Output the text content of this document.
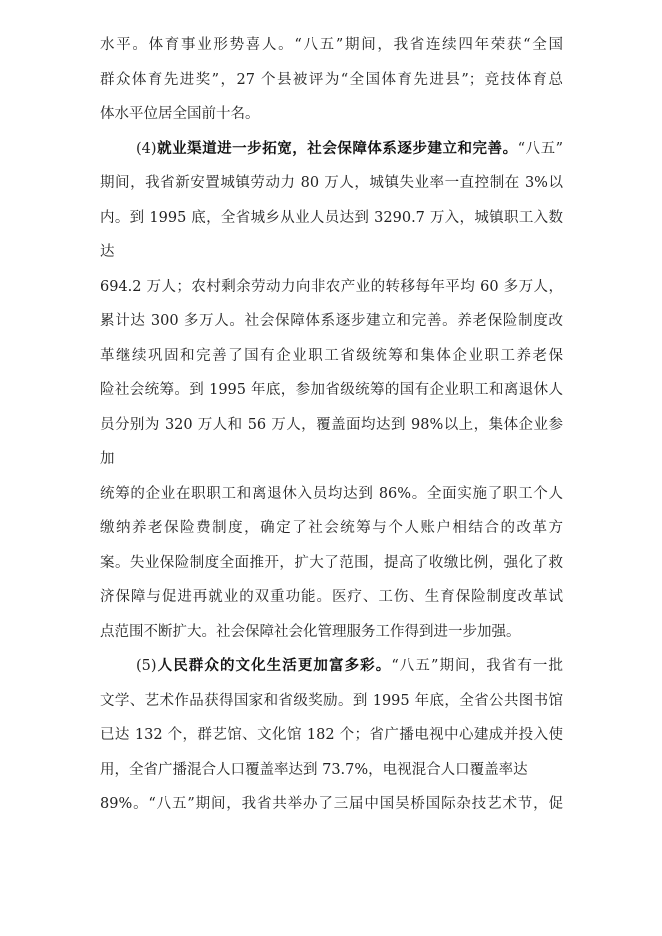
水平。体育事业形势喜人。“八五”期间，我省连续四年荣获“全国
群众体育先进奖”，27 个县被评为“全国体育先进县”；竞技体育总
体水平位居全国前十名。
(4)就业渠道进一步拓宽，社会保障体系逐步建立和完善。“八五”
期间，我省新安置城镇劳动力 80 万人，城镇失业率一直控制在 3%以
内。到 1995 底，全省城乡从业人员达到 3290.7 万入，城镇职工入数达
694.2 万人；农村剩余劳动力向非农产业的转移每年平均 60 多万人，
累计达 300 多万人。社会保障体系逐步建立和完善。养老保险制度改
革继续巩固和完善了国有企业职工省级统筹和集体企业职工养老保
险社会统筹。到 1995 年底，参加省级统筹的国有企业职工和离退休人
员分别为 320 万人和 56 万人，覆盖面均达到 98%以上，集体企业参加
统筹的企业在职职工和离退休入员均达到 86%。全面实施了职工个人
缴纳养老保险费制度，确定了社会统筹与个人账户相结合的改革方
案。失业保险制度全面推开，扩大了范围，提高了收缴比例，强化了救
济保障与促进再就业的双重功能。医疗、工伤、生育保险制度改革试
点范围不断扩大。社会保障社会化管理服务工作得到进一步加强。
(5)人民群众的文化生活更加富多彩。“八五”期间，我省有一批
文学、艺术作品获得国家和省级奖励。到 1995 年底，全省公共图书馆
已达 132 个，群艺馆、文化馆 182 个；省广播电视中心建成并投入使
用，全省广播混合人口覆盖率达到 73.7%，电视混合人口覆盖率达
89%。“八五”期间，我省共举办了三届中国吴桥国际杂技艺术节，促
